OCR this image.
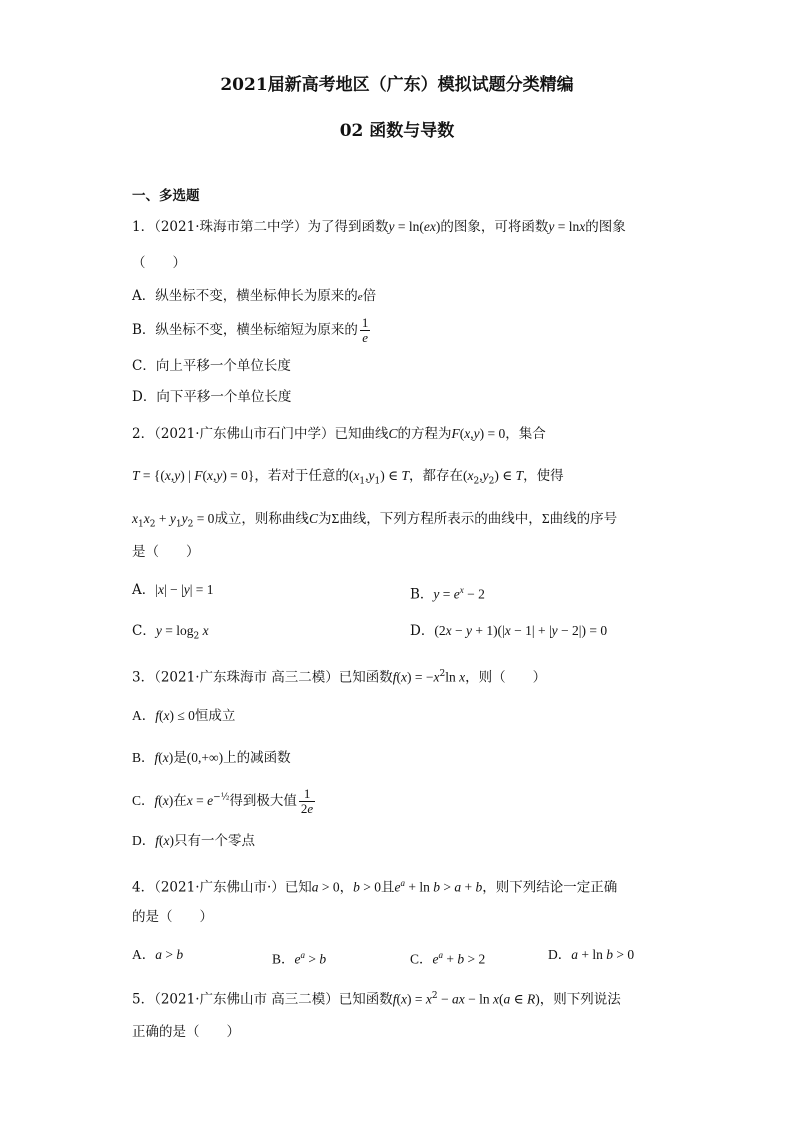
2021届新高考地区（广东）模拟试题分类精编
02 函数与导数
一、多选题
1．（2021·珠海市第二中学）为了得到函数y = ln(ex)的图象，可将函数y = lnx的图象
（　　）
A．纵坐标不变，横坐标伸长为原来的e倍
B．纵坐标不变，横坐标缩短为原来的 $\frac{1}{e}$
C．向上平移一个单位长度
D．向下平移一个单位长度
2．（2021·广东佛山市石门中学）已知曲线C的方程为F(x,y) = 0，集合
T = {(x,y) | F(x,y) = 0}，若对于任意的$(x_1,y_1)$ ∈ T，都存在$(x_2,y_2)$ ∈ T，使得
$x_1x_2 + y_1y_2 = 0$成立，则称曲线C为Σ曲线，下列方程所表示的曲线中，Σ曲线的序号
是（　　）
A．|x| − |y| = 1	B．$y = e^x - 2$
C．$y = \log_2 x$	D．(2x − y + 1)(|x − 1| + |y − 2|) = 0
3．（2021·广东珠海市 高三二模）已知函数$f(x) = -x^2\ln$ x，则（　　）
A．f(x) ≤ 0恒成立
B．f(x)是(0,+∞)上的减函数
C．f(x)在$x = e^{-\frac{1}{2}}$得到极大值 $\frac{1}{2e}$
D．f(x)只有一个零点
4．（2021·广东佛山市·）已知a > 0，b > 0且$e^a + \ln b > a + b$，则下列结论一定正确
的是（　　）
A．a > b	B．$e^a > b$	C．$e^a + b > 2$	D．a + ln b > 0
5．（2021·广东佛山市 高三二模）已知函数$f(x) = x^2$ − ax − ln x(a ∈ R)，则下列说法
正确的是（　　）
